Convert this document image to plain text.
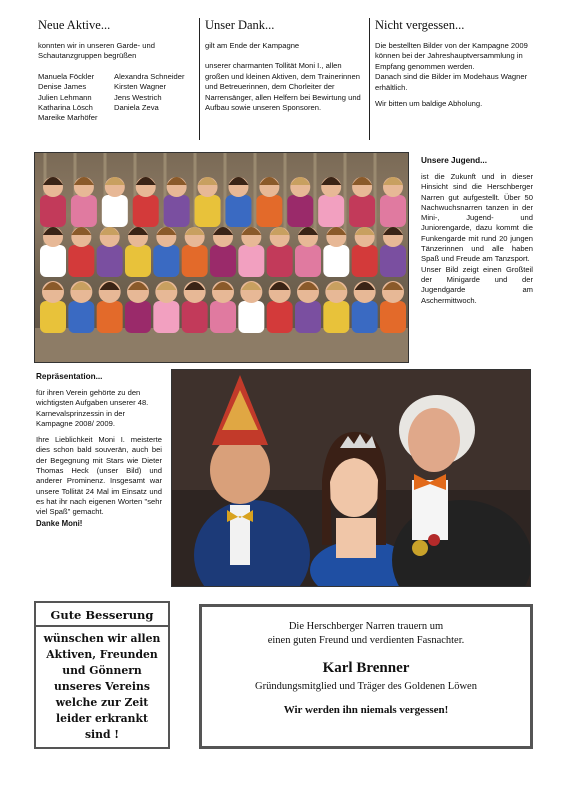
Neue Aktive...
konnten wir in unseren Garde- und Schautanzgruppen begrüßen
Manuela Föckler	Alexandra Schneider
Denise James	Kirsten Wagner
Julien Lehmann	Jens Westrich
Katharina Lösch	Daniela Zeva
Mareike Marhöfer
Unser Dank...
gilt am Ende der Kampagne
unserer charmanten Tollität Moni I., allen großen und kleinen Aktiven, dem Trainerinnen und Betreuerinnen, dem Chorleiter der Narrensänger, allen Helfern bei Bewirtung und Aufbau sowie unseren Sponsoren.
Nicht vergessen...
Die bestellten Bilder von der Kampagne 2009 können bei der Jahreshauptversammlung in Empfang genommen werden.
Danach sind die Bilder im Modehaus Wagner erhältlich.
Wir bitten um baldige Abholung.
Unsere Jugend...
ist die Zukunft und in dieser Hinsicht sind die Herschberger Narren gut aufgestellt. Über 50 Nachwuchsnarren tanzen in der Mini-, Jugend- und Juniorengarde, dazu kommt die Funkengarde mit rund 20 jungen Tänzerinnen und alle haben Spaß und Freude am Tanzsport.
Unser Bild zeigt einen Großteil der Minigarde und der Jugendgarde am Aschermittwoch.
Repräsentation...
für ihren Verein gehörte zu den wichtigsten Aufgaben unserer 48. Karnevalsprinzessin in der Kampagne 2008/ 2009.
Ihre Lieblichkeit Moni I. meisterte dies schon bald souverän, auch bei der Begegnung mit Stars wie Dieter Thomas Heck (unser Bild) und anderer Prominenz. Insgesamt war unsere Tollität 24 Mal im Einsatz und es hat ihr nach eigenen Worten "sehr viel Spaß" gemacht.
Danke Moni!
Gute Besserung
wünschen wir allen Aktiven, Freunden und Gönnern unseres Vereins welche zur Zeit leider erkrankt sind !
Die Herschberger Narren trauern um
einen guten Freund und verdienten Fasnachter.
Karl Brenner
Gründungsmitglied und Träger des Goldenen Löwen
Wir werden ihn niemals vergessen!
